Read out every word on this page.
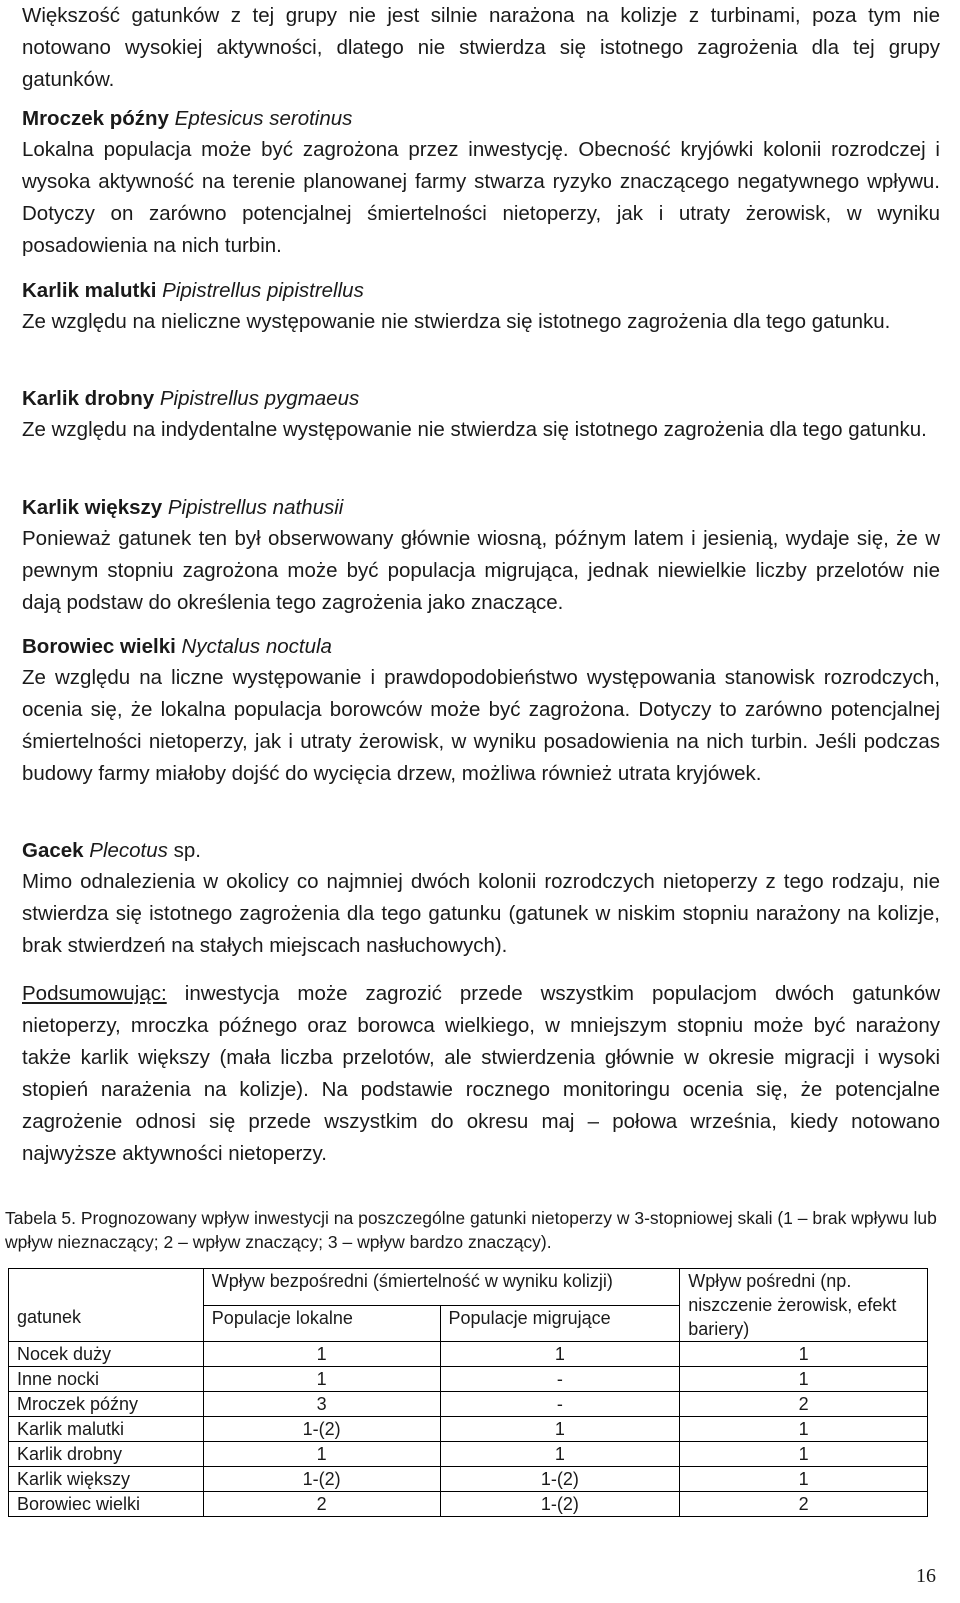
Większość gatunków z tej grupy nie jest silnie narażona na kolizje z turbinami, poza tym nie notowano wysokiej aktywności, dlatego nie stwierdza się istotnego zagrożenia dla tej grupy gatunków.

Mroczek późny Eptesicus serotinus

Lokalna populacja może być zagrożona przez inwestycję. Obecność kryjówki kolonii rozrodczej i wysoka aktywność na terenie planowanej farmy stwarza ryzyko znaczącego negatywnego wpływu. Dotyczy on zarówno potencjalnej śmiertelności nietoperzy, jak i utraty żerowisk, w wyniku posadowienia na nich turbin.

Karlik malutki Pipistrellus pipistrellus

Ze względu na nieliczne występowanie nie stwierdza się istotnego zagrożenia dla tego gatunku.

Karlik drobny Pipistrellus pygmaeus

Ze względu na indydentalne występowanie nie stwierdza się istotnego zagrożenia dla tego gatunku.

Karlik większy Pipistrellus nathusii

Ponieważ gatunek ten był obserwowany głównie wiosną, późnym latem i jesienią, wydaje się, że w pewnym stopniu zagrożona może być populacja migrująca, jednak niewielkie liczby przelotów nie dają podstaw do określenia tego zagrożenia jako znaczące.

Borowiec wielki Nyctalus noctula

Ze względu na liczne występowanie i prawdopodobieństwo występowania stanowisk rozrodczych, ocenia się, że lokalna populacja borowców może być zagrożona. Dotyczy to zarówno potencjalnej śmiertelności nietoperzy, jak i utraty żerowisk, w wyniku posadowienia na nich turbin. Jeśli podczas budowy farmy miałoby dojść do wycięcia drzew, możliwa również utrata kryjówek.

Gacek Plecotus sp.

Mimo odnalezienia w okolicy co najmniej dwóch kolonii rozrodczych nietoperzy z tego rodzaju, nie stwierdza się istotnego zagrożenia dla tego gatunku (gatunek w niskim stopniu narażony na kolizje, brak stwierdzeń na stałych miejscach nasłuchowych).

Podsumowując: inwestycja może zagrozić przede wszystkim populacjom dwóch gatunków nietoperzy, mroczka późnego oraz borowca wielkiego, w mniejszym stopniu może być narażony także karlik większy (mała liczba przelotów, ale stwierdzenia głównie w okresie migracji i wysoki stopień narażenia na kolizje). Na podstawie rocznego monitoringu ocenia się, że potencjalne zagrożenie odnosi się przede wszystkim do okresu maj – połowa września, kiedy notowano najwyższe aktywności nietoperzy.

Tabela 5. Prognozowany wpływ inwestycji na poszczególne gatunki nietoperzy w 3-stopniowej skali (1 – brak wpływu lub wpływ nieznaczący; 2 – wpływ znaczący; 3 – wpływ bardzo znaczący).

	Wpływ bezpośredni (śmiertelność w wyniku kolizji)		Wpływ pośredni (np. niszczenie żerowisk, efekt bariery)
gatunek	Populacje lokalne	Populacje migrujące	
Nocek duży	1	1	1
Inne nocki	1	-	1
Mroczek późny	3	-	2
Karlik malutki	1-(2)	1	1
Karlik drobny	1	1	1
Karlik większy	1-(2)	1-(2)	1
Borowiec wielki	2	1-(2)	2
16
